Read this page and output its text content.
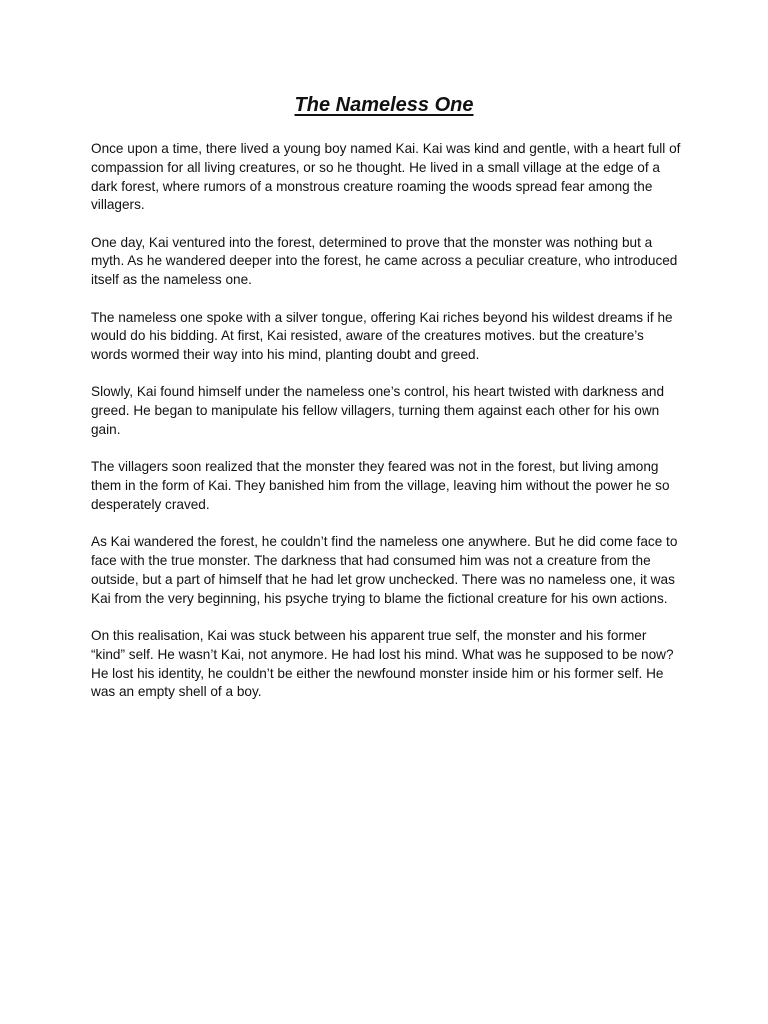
The Nameless One

Once upon a time, there lived a young boy named Kai. Kai was kind and gentle, with a heart full of compassion for all living creatures, or so he thought. He lived in a small village at the edge of a dark forest, where rumors of a monstrous creature roaming the woods spread fear among the villagers.

One day, Kai ventured into the forest, determined to prove that the monster was nothing but a myth. As he wandered deeper into the forest, he came across a peculiar creature, who introduced itself as the nameless one.

The nameless one spoke with a silver tongue, offering Kai riches beyond his wildest dreams if he would do his bidding. At first, Kai resisted, aware of the creatures motives. but the creature’s words wormed their way into his mind, planting doubt and greed.

Slowly, Kai found himself under the nameless one’s control, his heart twisted with darkness and greed. He began to manipulate his fellow villagers, turning them against each other for his own gain.

The villagers soon realized that the monster they feared was not in the forest, but living among them in the form of Kai. They banished him from the village, leaving him without the power he so desperately craved.

As Kai wandered the forest, he couldn’t find the nameless one anywhere. But he did come face to face with the true monster. The darkness that had consumed him was not a creature from the outside, but a part of himself that he had let grow unchecked. There was no nameless one, it was Kai from the very beginning, his psyche trying to blame the fictional creature for his own actions.

On this realisation, Kai was stuck between his apparent true self, the monster and his former “kind” self. He wasn’t Kai, not anymore. He had lost his mind. What was he supposed to be now? He lost his identity, he couldn’t be either the newfound monster inside him or his former self. He was an empty shell of a boy.
